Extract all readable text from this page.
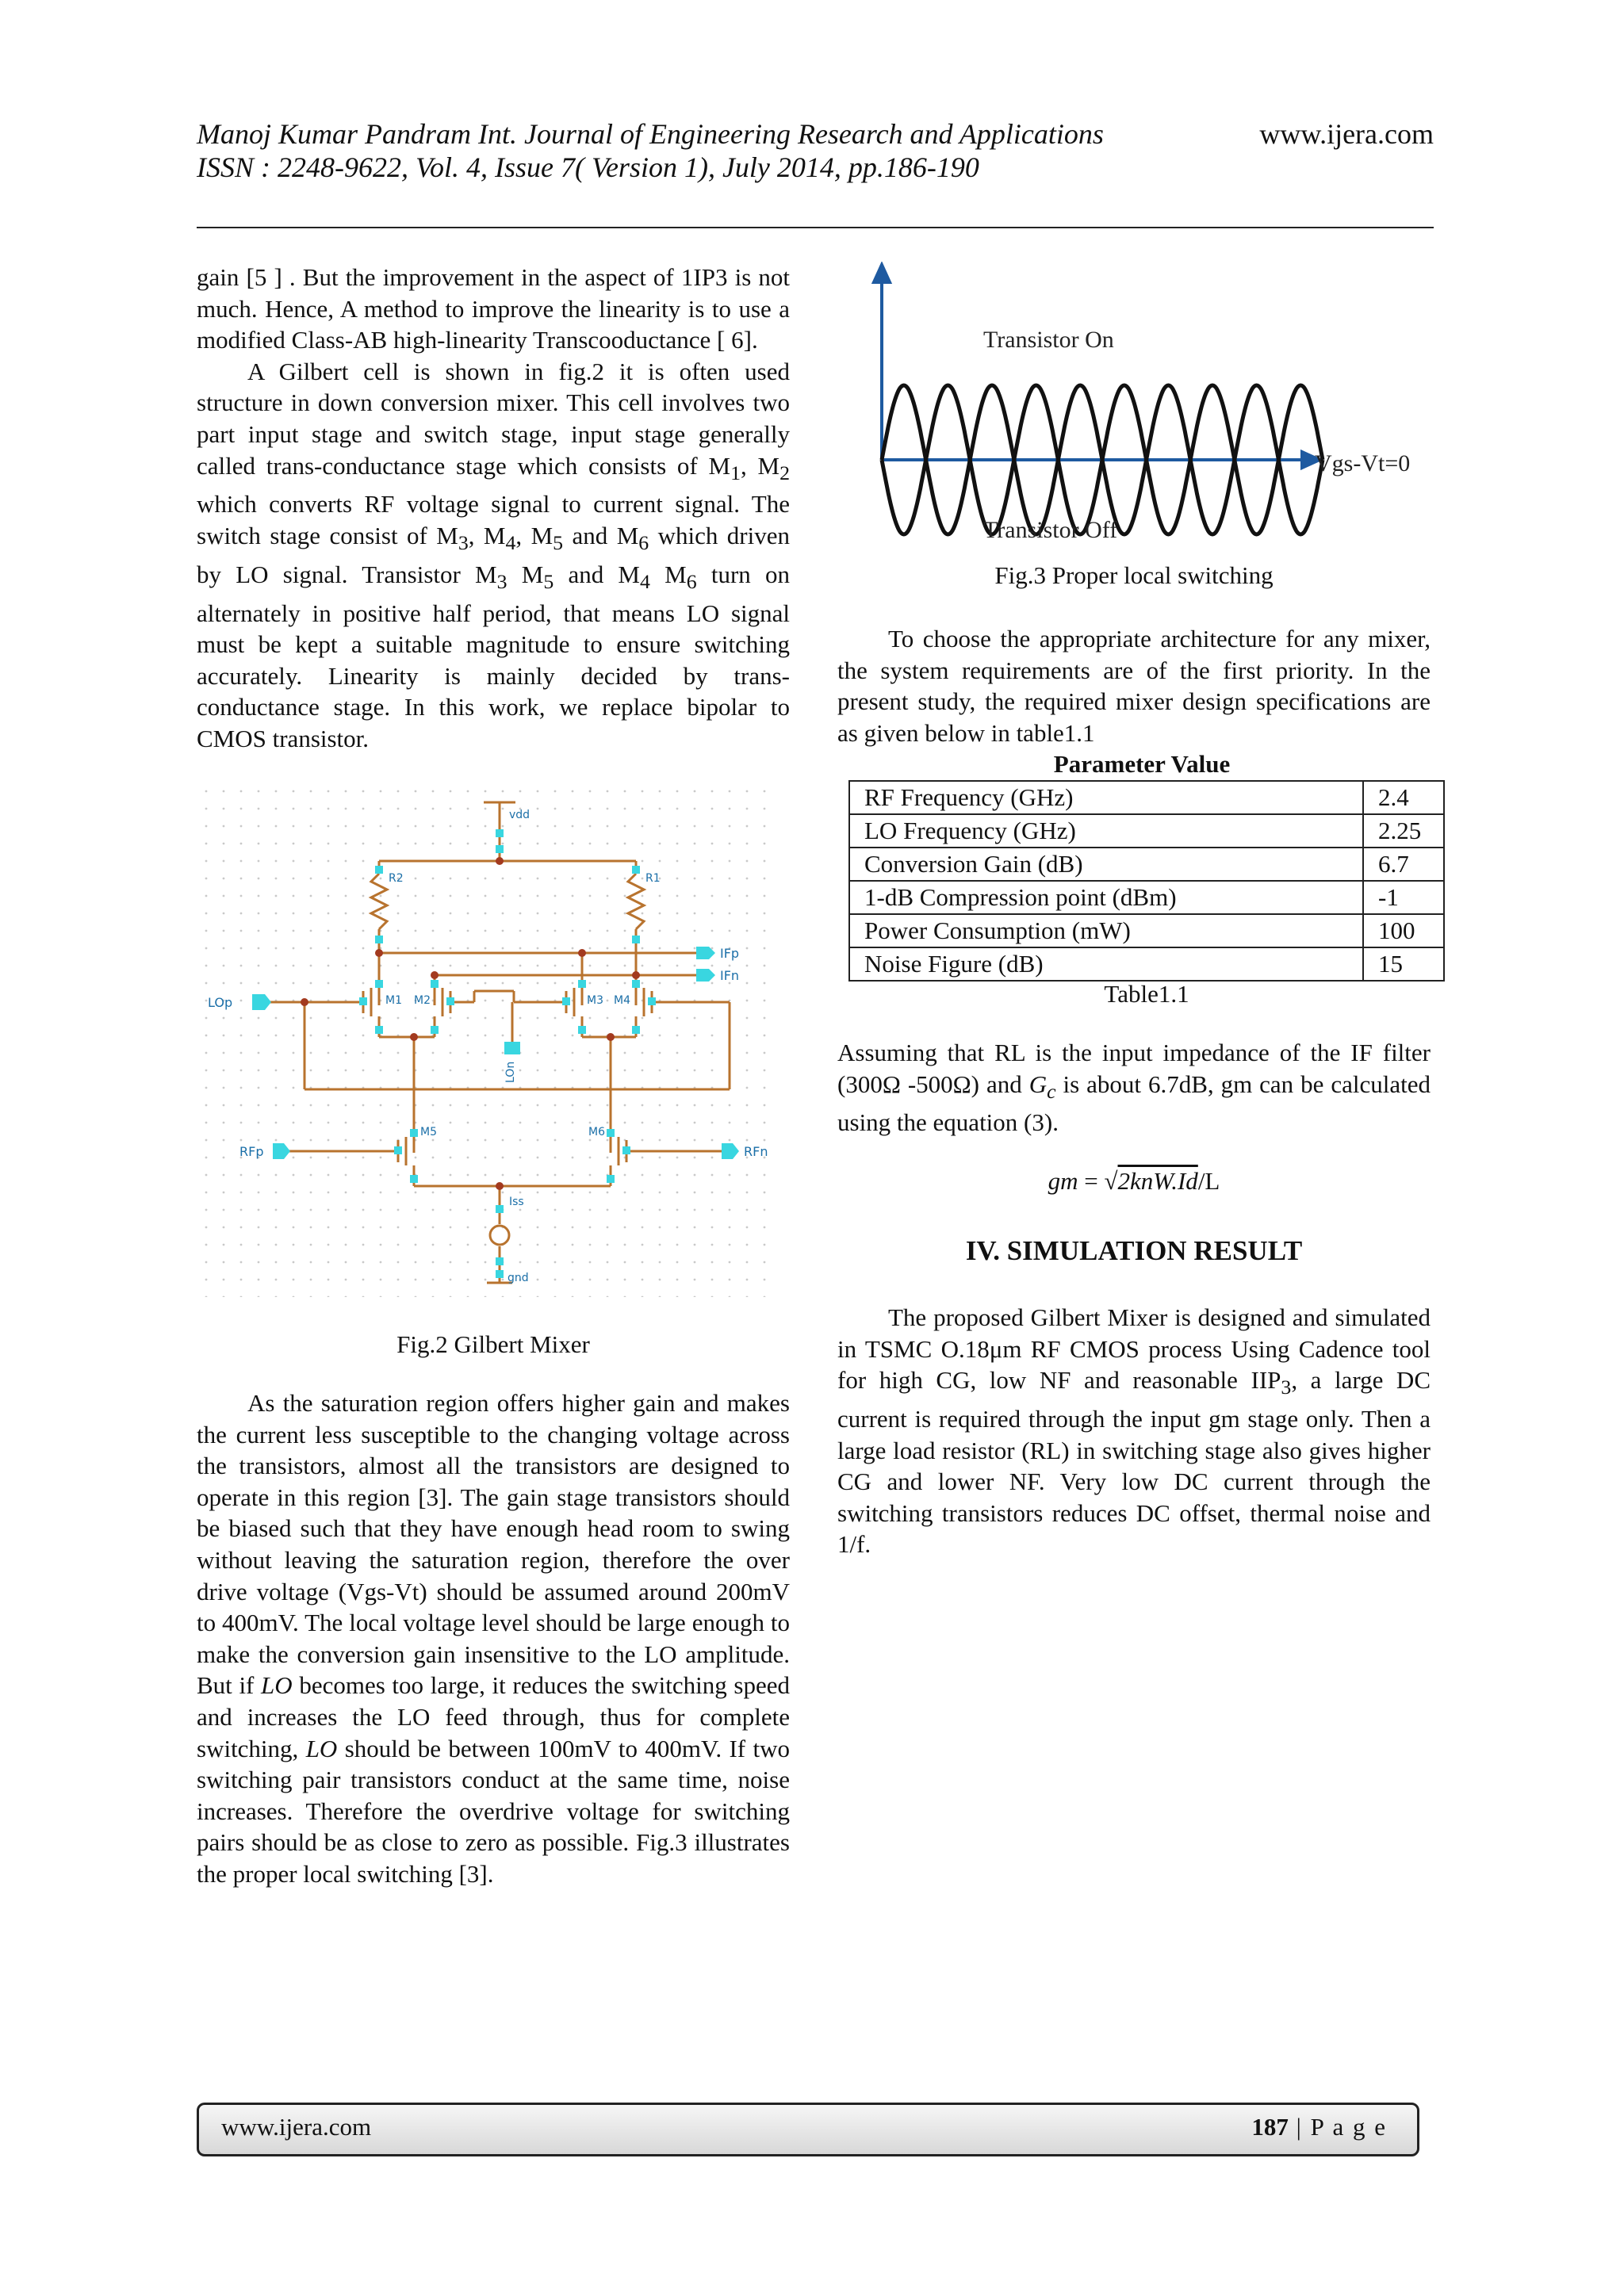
Manoj Kumar Pandram Int. Journal of Engineering Research and Applications
ISSN : 2248-9622, Vol. 4, Issue 7( Version 1), July 2014, pp.186-190
www.ijera.com

gain [5 ] . But the improvement in the aspect of 1IP3 is not much. Hence, A method to improve the linearity is to use a modified Class-AB high-linearity Transcooductance [ 6].

A Gilbert cell is shown in fig.2 it is often used structure in down conversion mixer. This cell involves two part input stage and switch stage, input stage generally called trans-conductance stage which consists of $M_1$, $M_2$ which converts RF voltage signal to current signal. The switch stage consist of $M_3$, $M_4$, $M_5$ and $M_6$ which driven by LO signal. Transistor $M_3$ $M_5$ and $M_4$ $M_6$ turn on alternately in positive half period, that means LO signal must be kept a suitable magnitude to ensure switching accurately. Linearity is mainly decided by trans-conductance stage. In this work, we replace bipolar to CMOS transistor.

vdd
R2	R1
IFp
IFn
LOp	M1 M2	M3 M4
LOn
M5	M6
RFp	RFn
Iss
gnd
Fig.2 Gilbert Mixer

As the saturation region offers higher gain and makes the current less susceptible to the changing voltage across the transistors, almost all the transistors are designed to operate in this region [3]. The gain stage transistors should be biased such that they have enough head room to swing without leaving the saturation region, therefore the over drive voltage (Vgs-Vt) should be assumed around 200mV to 400mV. The local voltage level should be large enough to make the conversion gain insensitive to the LO amplitude. But if LO becomes too large, it reduces the switching speed and increases the LO feed through, thus for complete switching, LO should be between 100mV to 400mV. If two switching pair transistors conduct at the same time, noise increases. Therefore the overdrive voltage for switching pairs should be as close to zero as possible. Fig.3 illustrates the proper local switching [3].

Transistor On
Transistor Off
Vgs-Vt=0
Fig.3 Proper local switching

To choose the appropriate architecture for any mixer, the system requirements are of the first priority. In the present study, the required mixer design specifications are as given below in table1.1

Parameter Value
RF Frequency (GHz)	2.4
LO Frequency (GHz)	2.25
Conversion Gain (dB)	6.7
1-dB Compression point (dBm)	-1
Power Consumption (mW)	100
Noise Figure (dB)	15
Table1.1

Assuming that RL is the input impedance of the IF filter (300Ω -500Ω) and $G_c$ is about 6.7dB, gm can be calculated using the equation (3).

gm = √2knW.Id/L
IV. SIMULATION RESULT

The proposed Gilbert Mixer is designed and simulated in TSMC O.18μm RF CMOS process Using Cadence tool for high CG, low NF and reasonable $IIP_3$, a large DC current is required through the input gm stage only. Then a large load resistor (RL) in switching stage also gives higher CG and lower NF. Very low DC current through the switching transistors reduces DC offset, thermal noise and 1/f.

www.ijera.com	187 | P a g e
